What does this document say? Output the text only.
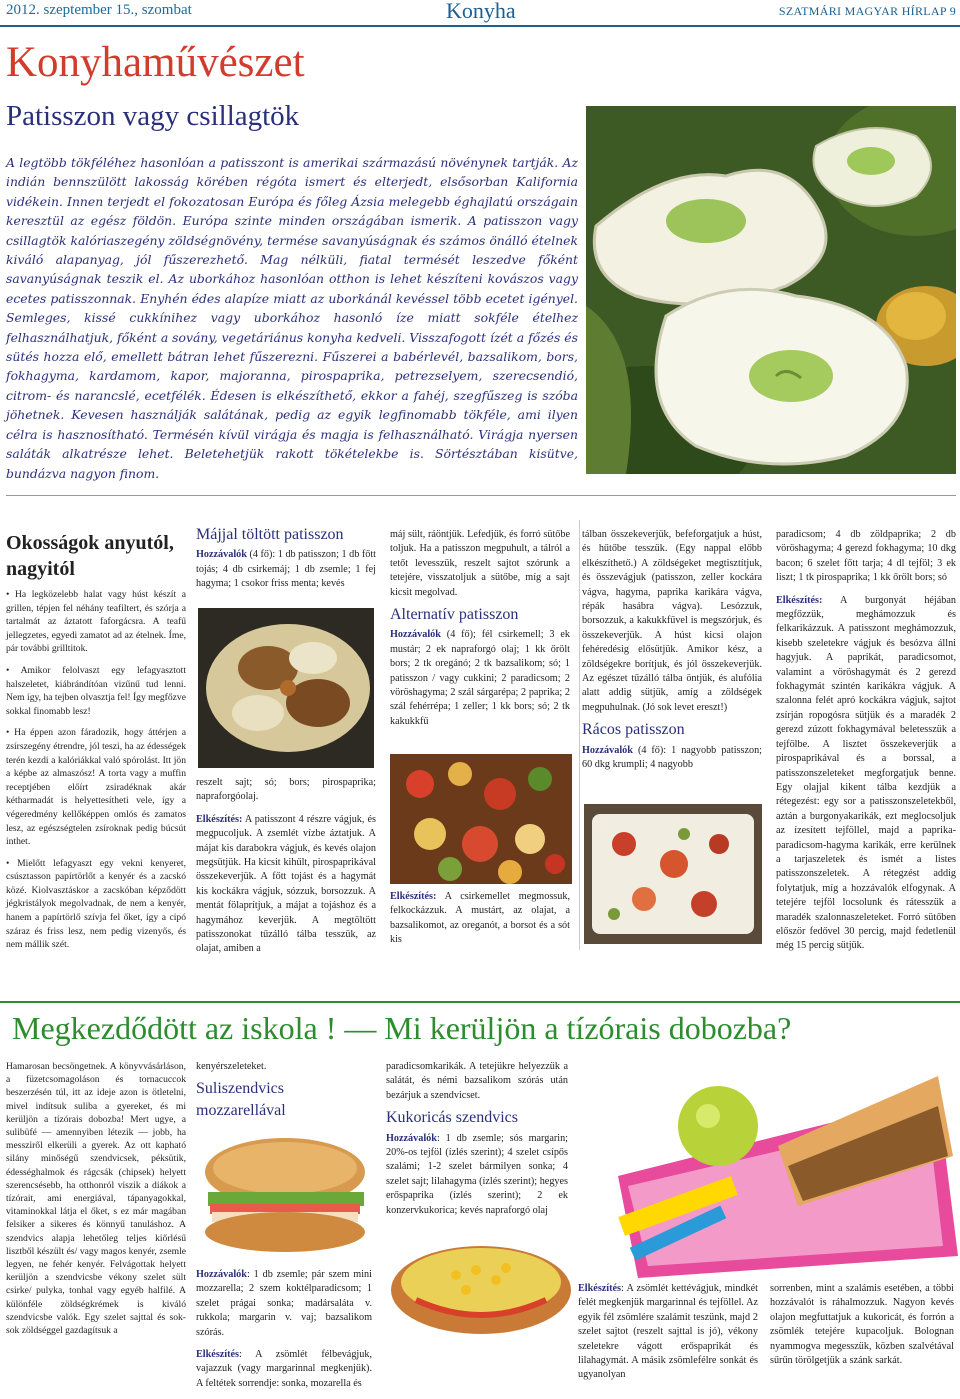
2012. szeptember 15., szombat	Konyha	SZATMÁRI MAGYAR HÍRLAP 9
Konyhaművészet
Patisszon vagy csillagtök
A legtöbb tökféléhez hasonlóan a patisszont is amerikai származású növénynek tartják. Az indián bennszülött lakosság körében régóta ismert és elterjedt, elsősorban Kalifornia vidékein. Innen terjedt el fokozatosan Európa és főleg Ázsia melegebb éghajlatú országain keresztül az egész földön. Európa szinte minden országában ismerik. A patisszon vagy csillagtök kalóriaszegény zöldségnövény, termése savanyúságnak és számos önálló ételnek kiváló alapanyag, jól fűszerezhető. Mag nélküli, fiatal termését leszedve főként savanyúságnak teszik el. Az uborkához hasonlóan otthon is lehet készíteni kovászos vagy ecetes patisszonnak. Enyhén édes alapíze miatt az uborkánál kevéssel több ecetet igényel. Semleges, kissé cukkínihez vagy uborkához hasonló íze miatt sokféle ételhez felhasználhatjuk, főként a sovány, vegetáriánus konyha kedveli. Visszafogott ízét a főzés és sütés hozza elő, emellett bátran lehet fűszerezni. Fűszerei a babérlevél, bazsalikom, bors, fokhagyma, kardamom, kapor, majoranna, pirospaprika, petrezselyem, szerecsendió, citrom- és narancslé, ecetfélék. Édesen is elkészíthető, ekkor a fahéj, szegfűszeg is szóba jöhetnek. Kevesen használják salátának, pedig az egyik legfinomabb tökféle, ami ilyen célra is hasznosítható. Termésén kívül virágja és magja is felhasználható. Virágja nyersen saláták alkatrésze lehet. Beletehetjük rakott tökételekbe is. Sörtésztában kisütve, bundázva nagyon finom.
Okosságok anyutól, nagyitól

• Ha legközelebb halat vagy húst készít a grillen, tépjen fel néhány teafiltert, és szórja a tartalmát az áztatott faforgácsra. A teafű jellegzetes, egyedi zamatot ad az ételnek. Íme, pár további grilltitok.

• Amikor felolvaszt egy lefagyasztott halszeletet, kiábrándítóan vizűnű tud lenni. Nem így, ha tejben olvasztja fel! Így megfőzve sokkal finomabb lesz!

• Ha éppen azon fáradozik, hogy áttérjen a zsírszegény étrendre, jól teszi, ha az édességek terén kezdi a kalóriákkal való spórolást. Itt jön a képbe az almaszósz! A torta vagy a muffin receptjében előírt zsiradéknak akár kétharmadát is helyettesítheti vele, így a végeredmény kellőképpen omlós és zamatos lesz, az egészségtelen zsíroknak pedig búcsút inthet.

• Mielőtt lefagyaszt egy vekni kenyeret, csúsztasson papírtörlőt a kenyér és a zacskó közé. Kiolvasztáskor a zacskóban képződött jégkristályok megolvadnak, de nem a kenyér, hanem a papírtörlő szívja fel őket, így a cipó száraz és friss lesz, nem pedig vizenyős, és nem mállik szét.

Májjal töltött patisszon

Hozzávalók (4 fő): 1 db patisszon; 1 db főtt tojás; 4 db csirkemáj; 1 db zsemle; 1 fej hagyma; 1 csokor friss menta; kevés

reszelt sajt; só; bors; pirospaprika; napraforgóolaj.

Elkészítés: A patisszont 4 részre vágjuk, és megpucoljuk. A zsemlét vízbe áztatjuk. A májat kis darabokra vágjuk, és kevés olajon megsütjük. Ha kicsit kihűlt, pirospaprikával összekeverjük. A főtt tojást és a hagymát kis kockákra vágjuk, sózzuk, borsozzuk. A mentát fölaprítjuk, a májat a tojáshoz és a hagymához keverjük. A megtöltött patisszonokat tűzálló tálba tesszük, az olajat, amiben a

máj sült, ráöntjük. Lefedjük, és forró sütőbe toljuk. Ha a patisszon megpuhult, a tálról a tetőt levesszük, reszelt sajtot szórunk a tetejére, visszatoljuk a sütőbe, míg a sajt kicsit megolvad.

Alternatív patisszon

Hozzávalók (4 fő); fél csirkemell; 3 ek mustár; 2 ek napraforgó olaj; 1 kk őrölt bors; 2 tk oregánó; 2 tk bazsalikom; só; 1 patisszon / vagy cukkini; 2 paradicsom; 2 vöröshagyma; 2 szál sárgarépa; 2 paprika; 2 szál fehérrépa; 1 zeller; 1 kk bors; só; 2 tk kakukkfű

Elkészítés: A csirkemellet megmossuk, felkockázzuk. A mustárt, az olajat, a bazsalikomot, az oreganót, a borsot és a sót kis

tálban összekeverjük, befeforgatjuk a húst, és hűtőbe tesszük. (Egy nappal előbb elkészíthető.) A zöldségeket megtisztítjuk, és összevágjuk (patisszon, zeller kockára vágva, hagyma, paprika karikára vágva, répák hasábra vágva). Lesózzuk, borsozzuk, a kakukkfűvel is megszórjuk, és összekeverjük. A húst kicsi olajon fehéredésig elősütjük. Amikor kész, a zöldségekre borítjuk, és jól összekeverjük. Az egészet tűzálló tálba öntjük, és alufólia alatt addig sütjük, amíg a zöldségek megpuhulnak. (Jó sok levet ereszt!)

Rácos patisszon

Hozzávalók (4 fő): 1 nagyobb patisszon; 60 dkg krumpli; 4 nagyobb

paradicsom; 4 db zöldpaprika; 2 db vöröshagyma; 4 gerezd fokhagyma; 10 dkg bacon; 6 szelet főtt tarja; 4 dl tejföl; 3 ek liszt; 1 tk pirospaprika; 1 kk őrölt bors; só

Elkészítés: A burgonyát héjában megfőzzük, meghámozzuk és felkarikázzuk. A patisszont meghámozzuk, kisebb szeletekre vágjuk és besózva állni hagyjuk. A paprikát, paradicsomot, valamint a vöröshagymát és 2 gerezd fokhagymát szintén karikákra vágjuk. A szalonna felét apró kockákra vágjuk, sajtot zsírján ropogósra sütjük és a maradék 2 gerezd zúzott fokhagymával beletesszük a tejfölbe. A lisztet összekeverjük a pirospaprikával és a borssal, a patisszonszeleteket megforgatjuk benne. Egy olajjal kikent tálba kezdjük a rétegezést: egy sor a patisszonszeletekből, aztán a burgonyakarikák, ezt meglocsoljuk az ízesített tejföllel, majd a paprika-paradicsom-hagyma karikák, erre kerülnek a tarjaszeletek és ismét a listes patisszonszeletek. A rétegzést addig folytatjuk, míg a hozzávalók elfogynak. A tetejére tejföl locsolunk és rátesszük a maradék szalonnaszeleteket. Forró sütőben először fedővel 30 percig, majd fedetlenül még 15 percig sütjük.

Megkezdődött az iskola ! — Mi kerüljön a tízórais dobozba?

Hamarosan becsöngetnek. A könyvvásárláson, a füzetcsomagoláson és tornacuccok beszerzésén túl, itt az ideje azon is ötletelni, mivel indítsuk suliba a gyereket, és mi kerüljön a tízórais dobozba! Mert ugye, a sulibüfé — amennyiben létezik — jobb, ha messziről elkerüli a gyerek. Az ott kapható silány minőségű szendvicsek, péksütik, édességhalmok és rágcsák (chipsek) helyett szerencsésebb, ha otthonról viszik a diákok a tízórait, ami energiával, tápanyagokkal, vitaminokkal látja el őket, s ez már magában felsiker a sikeres és könnyű tanuláshoz. A szendvics alapja lehetőleg teljes kiőrlésű lisztből készült és/ vagy magos kenyér, zsemle legyen, ne fehér kenyér. Felvágottak helyett kerüljön a szendvicsbe vékony szelet sült csirke/ pulyka, tonhal vagy egyéb halfilé. A különféle zöldségkrémek is kiváló szendvicsbe valók. Egy szelet sajttal és sok-sok zöldséggel gazdagítsuk a

kenyérszeleteket.

Suliszendvics mozzarellával

Hozzávalók: 1 db zsemle; pár szem mini mozzarella; 2 szem koktélparadicsom; 1 szelet prágai sonka; madársaláta v. rukkola; margarin v. vaj; bazsalikom szórás.

Elkészítés: A zsömlét félbevágjuk, vajazzuk (vagy margarinnal megkenjük). A feltétek sorrendje: sonka, mozarella és

paradicsomkarikák. A tetejükre helyezzük a salátát, és némi bazsalikom szórás után bezárjuk a szendvicset.

Kukoricás szendvics

Hozzávalók: 1 db zsemle; sós margarin; 20%-os tejföl (ízlés szerint); 4 szelet csípős szalámi; 1-2 szelet bármilyen sonka; 4 szelet sajt; lilahagyma (ízlés szerint); hegyes erőspaprika (ízlés szerint); 2 ek konzervkukorica; kevés napraforgó olaj

Elkészítés: A zsömlét kettévágjuk, mindkét felét megkenjük margarinnal és tejföllel. Az egyik fél zsömlére szalámit teszünk, majd 2 szelet sajtot (reszelt sajttal is jó), vékony szeletekre vágott erőspaprikát és lilahagymát. A másik zsömlefélre sonkát és ugyanolyan

sorrenben, mint a szalámis esetében, a többi hozzávalót is ráhalmozzuk. Nagyon kevés olajon megfuttatjuk a kukoricát, és forrón a zsömlék tetejére kupacoljuk. Bolognan nyammogva megesszük, közben szalvétával sűrűn törölgetjük a szánk sarkát.
